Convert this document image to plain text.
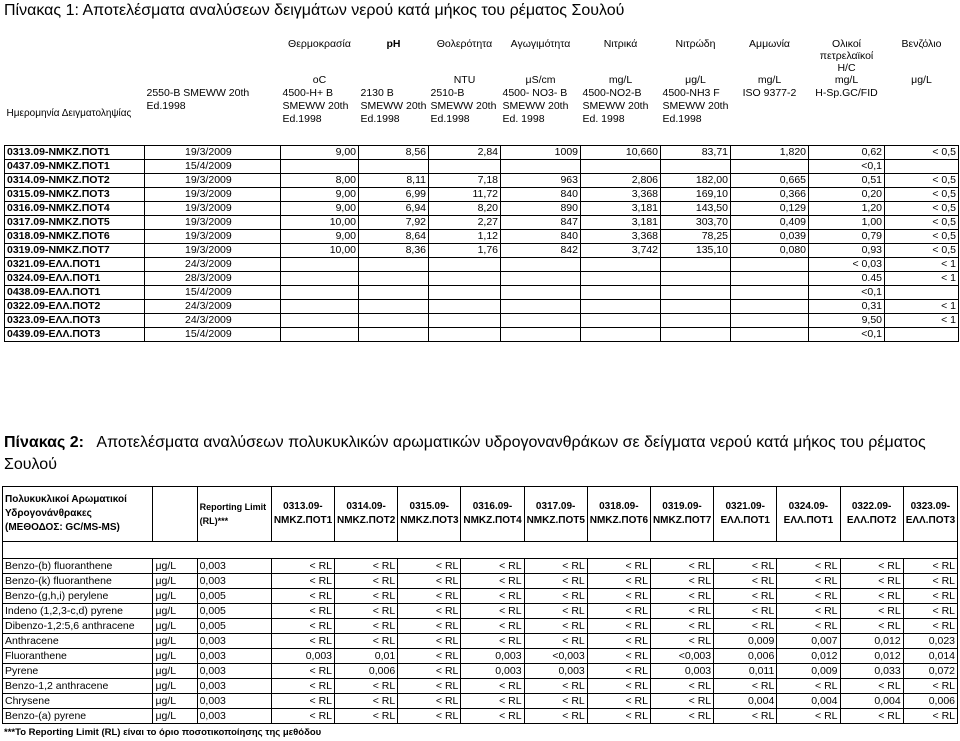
Πίνακας 1: Αποτελέσματα αναλύσεων δειγμάτων νερού κατά μήκος του ρέματος Σουλού
		Θερμοκρασία	pH	Θολερότητα	Αγωγιμότητα	Νιτρικά	Νιτρώδη	Αμμωνία	Ολικοί πετρελαϊκοί H/C	Βενζόλιο
		oC		NTU	μS/cm	mg/L	μg/L	mg/L	mg/L	μg/L
Ημερομηνία Δειγματοληψίας	2550-B SMEWW 20th Ed.1998	4500-H+ B SMEWW 20th Ed.1998	2130 B SMEWW 20th Ed.1998	2510-B SMEWW 20th Ed.1998	4500- NO3- B SMEWW 20th Ed. 1998	4500-NO2-B SMEWW 20th Ed. 1998	4500-NH3 F SMEWW 20th Ed.1998	ISO 9377-2	H-Sp.GC/FID	

0313.09-ΝΜΚΖ.ΠΟΤ1	19/3/2009	9,00	8,56	2,84	1009	10,660	83,71	1,820	0,62	< 0,5
0437.09-ΝΜΚΖ.ΠΟΤ1	15/4/2009								<0,1	
0314.09-ΝΜΚΖ.ΠΟΤ2	19/3/2009	8,00	8,11	7,18	963	2,806	182,00	0,665	0,51	< 0,5
0315.09-ΝΜΚΖ.ΠΟΤ3	19/3/2009	9,00	6,99	11,72	840	3,368	169,10	0,366	0,20	< 0,5
0316.09-ΝΜΚΖ.ΠΟΤ4	19/3/2009	9,00	6,94	8,20	890	3,181	143,50	0,129	1,20	< 0,5
0317.09-ΝΜΚΖ.ΠΟΤ5	19/3/2009	10,00	7,92	2,27	847	3,181	303,70	0,409	1,00	< 0,5
0318.09-ΝΜΚΖ.ΠΟΤ6	19/3/2009	9,00	8,64	1,12	840	3,368	78,25	0,039	0,79	< 0,5
0319.09-ΝΜΚΖ.ΠΟΤ7	19/3/2009	10,00	8,36	1,76	842	3,742	135,10	0,080	0,93	< 0,5
0321.09-ΕΛΛ.ΠΟΤ1	24/3/2009								< 0,03	< 1
0324.09-ΕΛΛ.ΠΟΤ1	28/3/2009								0.45	< 1
0438.09-ΕΛΛ.ΠΟΤ1	15/4/2009								<0,1	
0322.09-ΕΛΛ.ΠΟΤ2	24/3/2009								0,31	< 1
0323.09-ΕΛΛ.ΠΟΤ3	24/3/2009								9,50	< 1
0439.09-ΕΛΛ.ΠΟΤ3	15/4/2009								<0,1	
Πίνακας 2: Αποτελέσματα αναλύσεων πολυκυκλικών αρωματικών υδρογονανθράκων σε δείγματα νερού κατά μήκος του ρέματος Σουλού
Πολυκυκλικοί Αρωματικοί Υδρογονάνθρακες (ΜΕΘΟΔΟΣ: GC/MS-MS)		Reporting Limit (RL)***	0313.09-ΝΜΚΖ.ΠΟΤ1	0314.09-ΝΜΚΖ.ΠΟΤ2	0315.09-ΝΜΚΖ.ΠΟΤ3	0316.09-ΝΜΚΖ.ΠΟΤ4	0317.09-ΝΜΚΖ.ΠΟΤ5	0318.09-ΝΜΚΖ.ΠΟΤ6	0319.09-ΝΜΚΖ.ΠΟΤ7	0321.09-ΕΛΛ.ΠΟΤ1	0324.09-ΕΛΛ.ΠΟΤ1	0322.09-ΕΛΛ.ΠΟΤ2	0323.09-ΕΛΛ.ΠΟΤ3

Benzo-(b) fluoranthene	μg/L	0,003	< RL	< RL	< RL	< RL	< RL	< RL	< RL	< RL	< RL	< RL	< RL
Benzo-(k) fluoranthene	μg/L	0,003	< RL	< RL	< RL	< RL	< RL	< RL	< RL	< RL	< RL	< RL	< RL
Benzo-(g,h,i) perylene	μg/L	0,005	< RL	< RL	< RL	< RL	< RL	< RL	< RL	< RL	< RL	< RL	< RL
Indeno (1,2,3-c,d) pyrene	μg/L	0,005	< RL	< RL	< RL	< RL	< RL	< RL	< RL	< RL	< RL	< RL	< RL
Dibenzo-1,2:5,6 anthracene	μg/L	0,005	< RL	< RL	< RL	< RL	< RL	< RL	< RL	< RL	< RL	< RL	< RL
Anthracene	μg/L	0,003	< RL	< RL	< RL	< RL	< RL	< RL	< RL	0,009	0,007	0,012	0,023
Fluoranthene	μg/L	0,003	0,003	0,01	< RL	0,003	<0,003	< RL	<0,003	0,006	0,012	0,012	0,014
Pyrene	μg/L	0,003	< RL	0,006	< RL	0,003	0,003	< RL	0,003	0,011	0,009	0,033	0,072
Benzo-1,2 anthracene	μg/L	0,003	< RL	< RL	< RL	< RL	< RL	< RL	< RL	< RL	< RL	< RL	< RL
Chrysene	μg/L	0,003	< RL	< RL	< RL	< RL	< RL	< RL	< RL	0,004	0,004	0,004	0,006
Benzo-(a) pyrene	μg/L	0,003	< RL	< RL	< RL	< RL	< RL	< RL	< RL	< RL	< RL	< RL	< RL
***To Reporting Limit (RL) είναι το όριο ποσοτικοποίησης της μεθόδου
